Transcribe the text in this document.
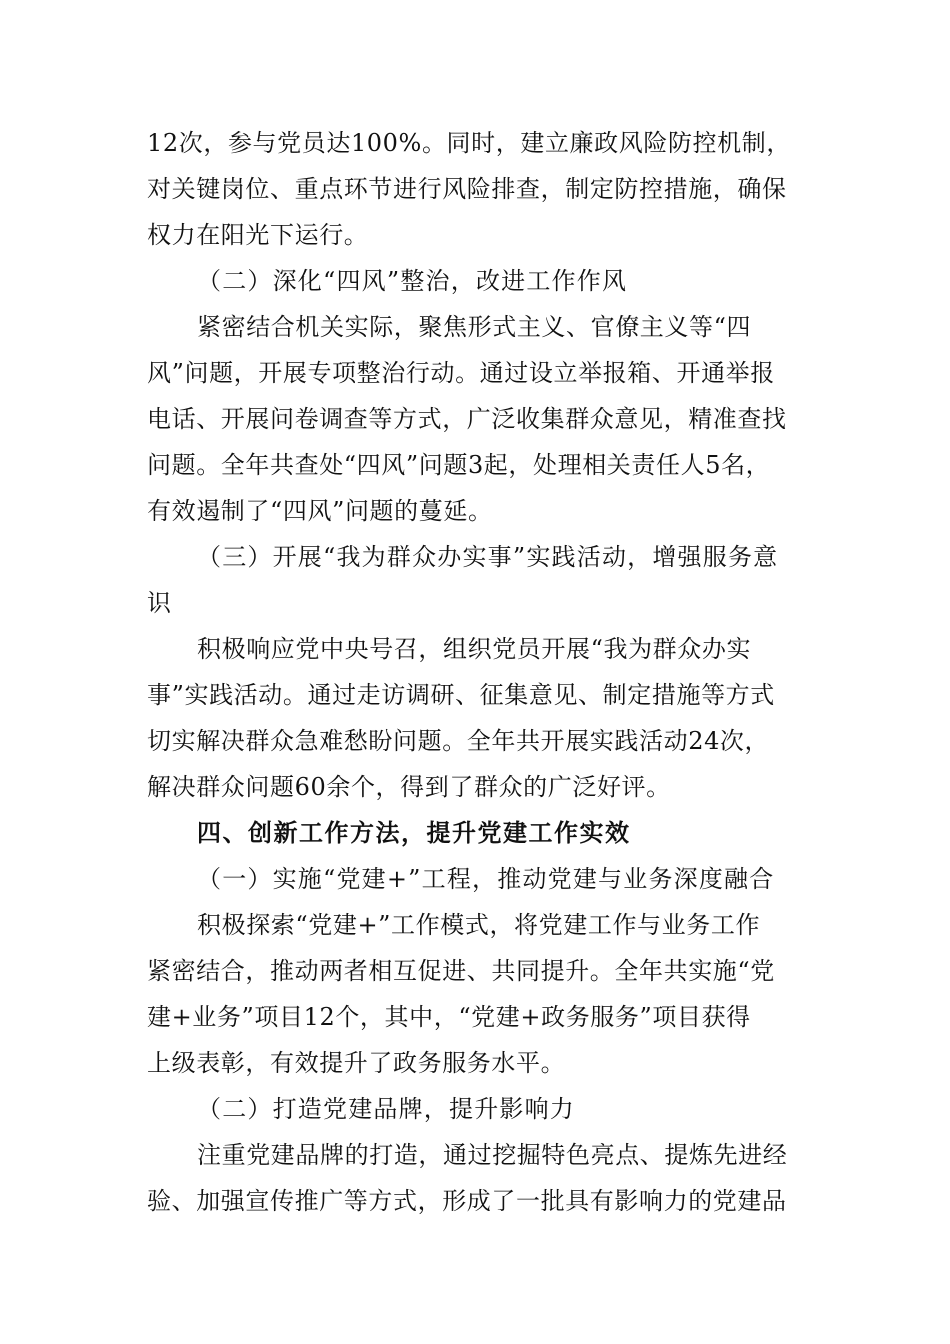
12次，参与党员达100%。同时，建立廉政风险防控机制，
对关键岗位、重点环节进行风险排查，制定防控措施，确保
权力在阳光下运行。
（二）深化“四风”整治，改进工作作风
紧密结合机关实际，聚焦形式主义、官僚主义等“四
风”问题，开展专项整治行动。通过设立举报箱、开通举报
电话、开展问卷调查等方式，广泛收集群众意见，精准查找
问题。全年共查处“四风”问题3起，处理相关责任人5名，
有效遏制了“四风”问题的蔓延。
（三）开展“我为群众办实事”实践活动，增强服务意
识
积极响应党中央号召，组织党员开展“我为群众办实
事”实践活动。通过走访调研、征集意见、制定措施等方式
切实解决群众急难愁盼问题。全年共开展实践活动24次，
解决群众问题60余个，得到了群众的广泛好评。
四、创新工作方法，提升党建工作实效
（一）实施“党建+”工程，推动党建与业务深度融合
积极探索“党建+”工作模式，将党建工作与业务工作
紧密结合，推动两者相互促进、共同提升。全年共实施“党
建+业务”项目12个，其中，“党建+政务服务”项目获得
上级表彰，有效提升了政务服务水平。
（二）打造党建品牌，提升影响力
注重党建品牌的打造，通过挖掘特色亮点、提炼先进经
验、加强宣传推广等方式，形成了一批具有影响力的党建品
